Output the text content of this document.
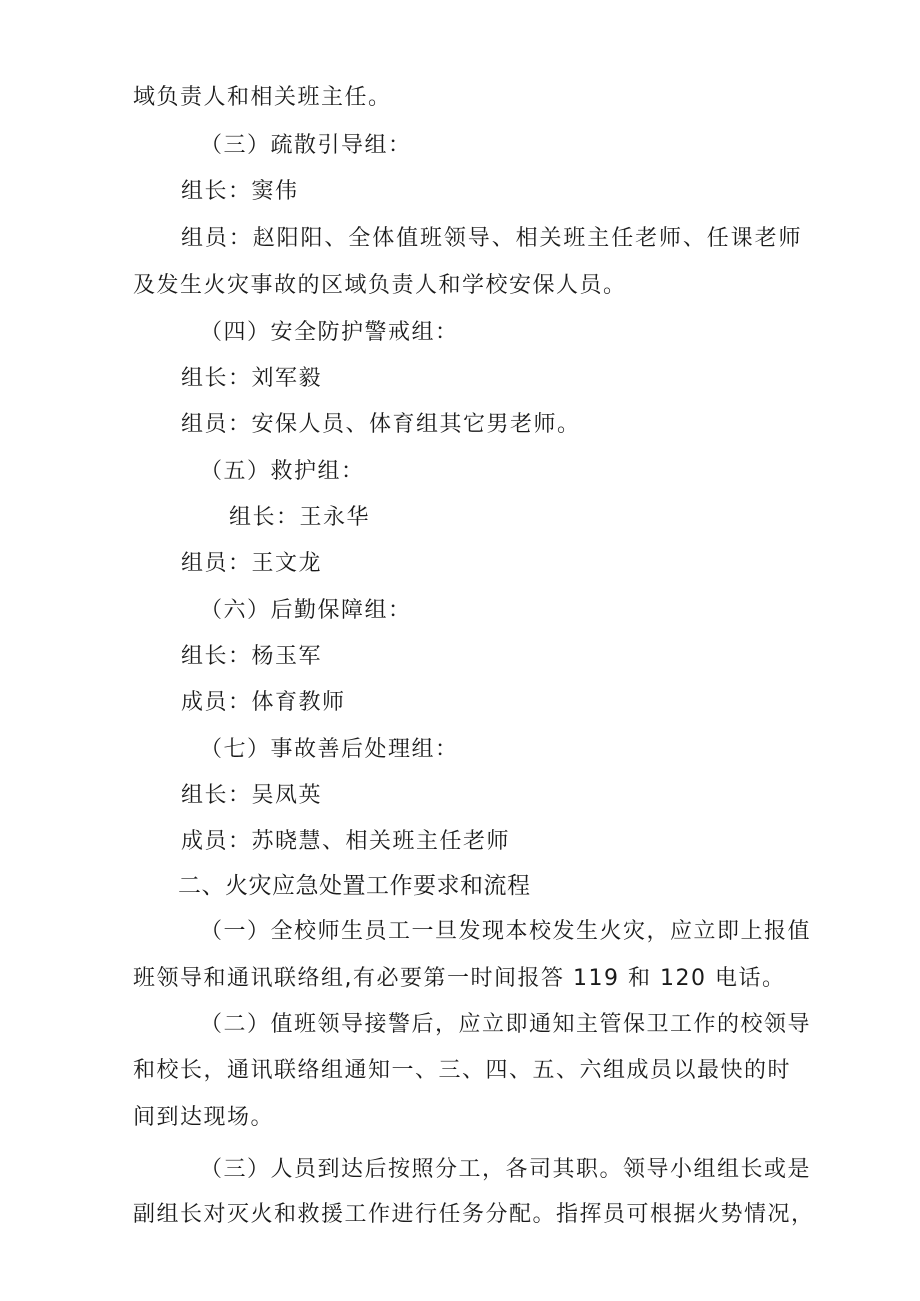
域负责人和相关班主任。
（三）疏散引导组：
组长：窦伟
组员：赵阳阳、全体值班领导、相关班主任老师、任课老师
及发生火灾事故的区域负责人和学校安保人员。
（四）安全防护警戒组：
组长：刘军毅
组员：安保人员、体育组其它男老师。
（五）救护组：
组长：王永华
组员：王文龙
（六）后勤保障组：
组长：杨玉军
成员：体育教师
（七）事故善后处理组：
组长：吴凤英
成员：苏晓慧、相关班主任老师
二、火灾应急处置工作要求和流程
（一）全校师生员工一旦发现本校发生火灾，应立即上报值
班领导和通讯联络组,有必要第一时间报答 119 和 120 电话。
（二）值班领导接警后，应立即通知主管保卫工作的校领导
和校长，通讯联络组通知一、三、四、五、六组成员以最快的时
间到达现场。
（三）人员到达后按照分工，各司其职。领导小组组长或是
副组长对灭火和救援工作进行任务分配。指挥员可根据火势情况，
